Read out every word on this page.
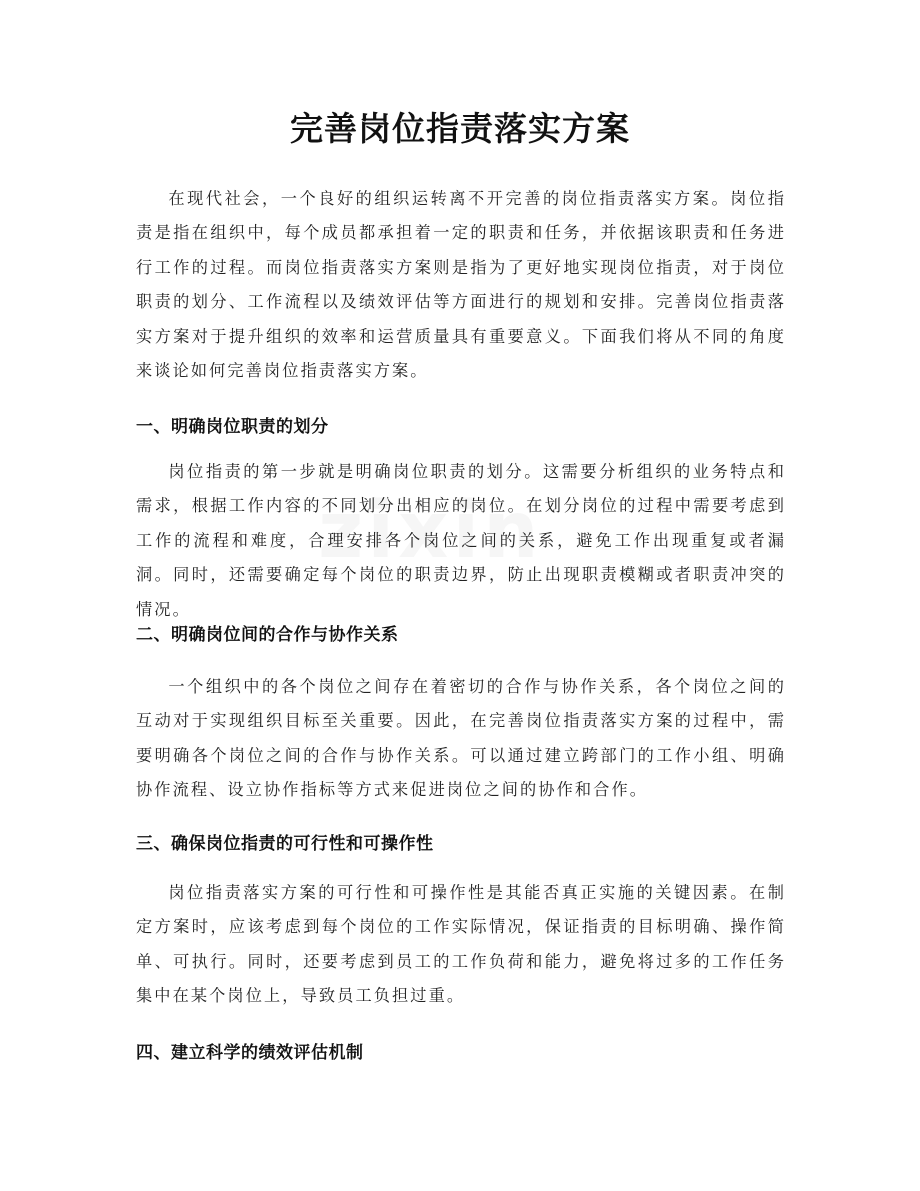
完善岗位指责落实方案

在现代社会，一个良好的组织运转离不开完善的岗位指责落实方案。岗位指责是指在组织中，每个成员都承担着一定的职责和任务，并依据该职责和任务进行工作的过程。而岗位指责落实方案则是指为了更好地实现岗位指责，对于岗位职责的划分、工作流程以及绩效评估等方面进行的规划和安排。完善岗位指责落实方案对于提升组织的效率和运营质量具有重要意义。下面我们将从不同的角度来谈论如何完善岗位指责落实方案。

一、明确岗位职责的划分

岗位指责的第一步就是明确岗位职责的划分。这需要分析组织的业务特点和需求，根据工作内容的不同划分出相应的岗位。在划分岗位的过程中需要考虑到工作的流程和难度，合理安排各个岗位之间的关系，避免工作出现重复或者漏洞。同时，还需要确定每个岗位的职责边界，防止出现职责模糊或者职责冲突的情况。

二、明确岗位间的合作与协作关系

一个组织中的各个岗位之间存在着密切的合作与协作关系，各个岗位之间的互动对于实现组织目标至关重要。因此，在完善岗位指责落实方案的过程中，需要明确各个岗位之间的合作与协作关系。可以通过建立跨部门的工作小组、明确协作流程、设立协作指标等方式来促进岗位之间的协作和合作。

三、确保岗位指责的可行性和可操作性

岗位指责落实方案的可行性和可操作性是其能否真正实施的关键因素。在制定方案时，应该考虑到每个岗位的工作实际情况，保证指责的目标明确、操作简单、可执行。同时，还要考虑到员工的工作负荷和能力，避免将过多的工作任务集中在某个岗位上，导致员工负担过重。

四、建立科学的绩效评估机制
